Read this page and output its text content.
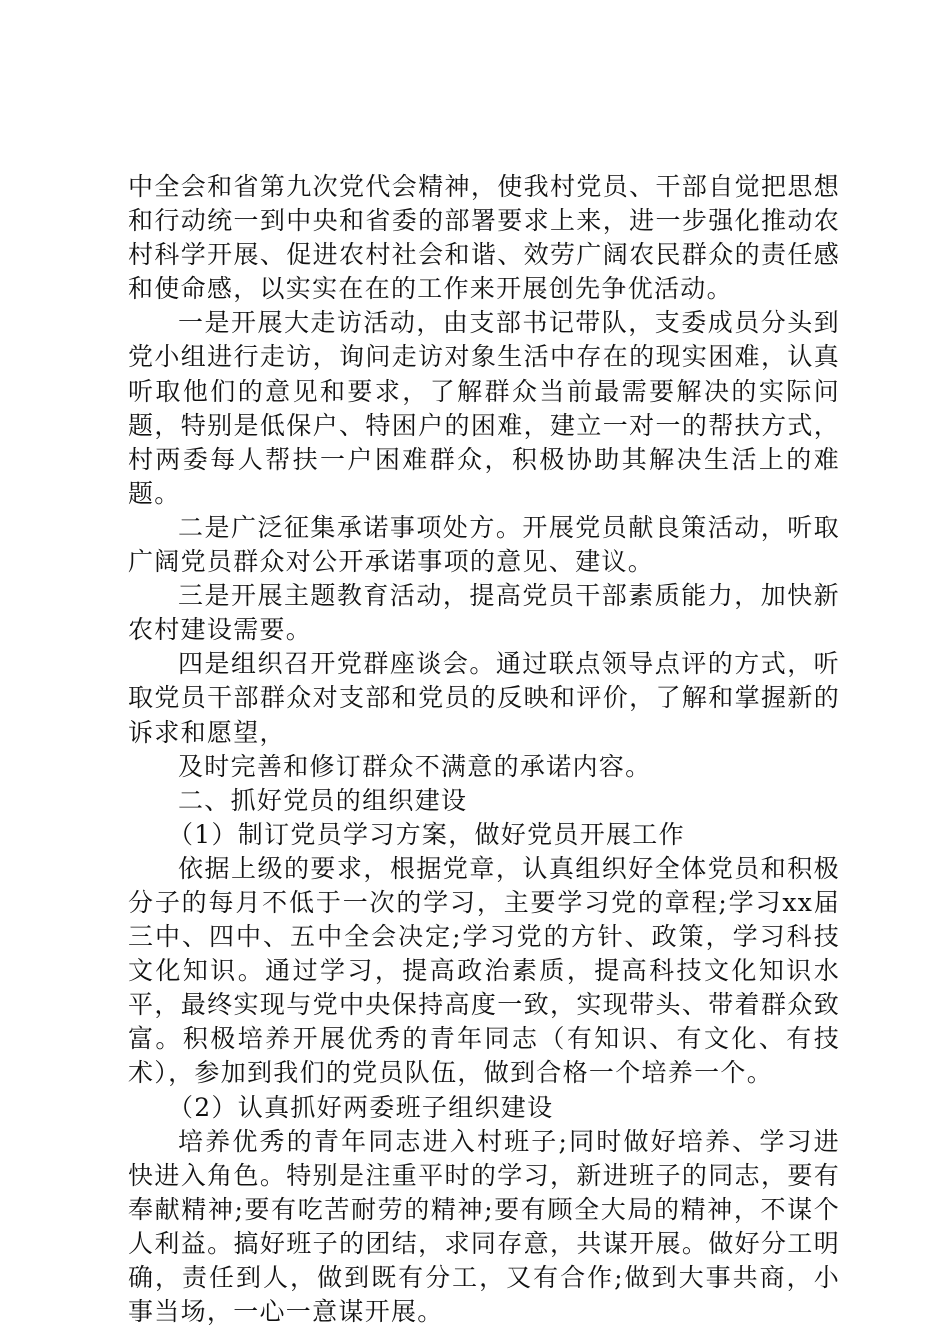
中全会和省第九次党代会精神，使我村党员、干部自觉把思想和行动统一到中央和省委的部署要求上来，进一步强化推动农村科学开展、促进农村社会和谐、效劳广阔农民群众的责任感和使命感，以实实在在的工作来开展创先争优活动。

一是开展大走访活动，由支部书记带队，支委成员分头到党小组进行走访，询问走访对象生活中存在的现实困难，认真听取他们的意见和要求，了解群众当前最需要解决的实际问题，特别是低保户、特困户的困难，建立一对一的帮扶方式，村两委每人帮扶一户困难群众，积极协助其解决生活上的难题。

二是广泛征集承诺事项处方。开展党员献良策活动，听取广阔党员群众对公开承诺事项的意见、建议。

三是开展主题教育活动，提高党员干部素质能力，加快新农村建设需要。

四是组织召开党群座谈会。通过联点领导点评的方式，听取党员干部群众对支部和党员的反映和评价，了解和掌握新的诉求和愿望，

及时完善和修订群众不满意的承诺内容。

二、抓好党员的组织建设

（1）制订党员学习方案，做好党员开展工作

依据上级的要求，根据党章，认真组织好全体党员和积极分子的每月不低于一次的学习，主要学习党的章程;学习xx届三中、四中、五中全会决定;学习党的方针、政策，学习科技文化知识。通过学习，提高政治素质，提高科技文化知识水平，最终实现与党中央保持高度一致，实现带头、带着群众致富。积极培养开展优秀的青年同志（有知识、有文化、有技术），参加到我们的党员队伍，做到合格一个培养一个。

（2）认真抓好两委班子组织建设

培养优秀的青年同志进入村班子;同时做好培养、学习进快进入角色。特别是注重平时的学习，新进班子的同志，要有奉献精神;要有吃苦耐劳的精神;要有顾全大局的精神，不谋个人利益。搞好班子的团结，求同存意，共谋开展。做好分工明确，责任到人，做到既有分工，又有合作;做到大事共商，小事当场，一心一意谋开展。
